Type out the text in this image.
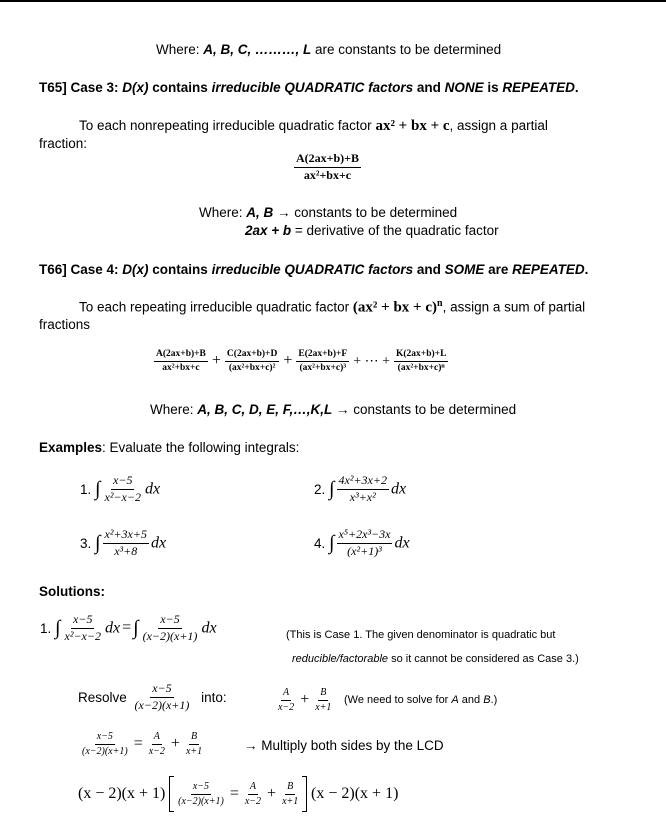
Where: A, B, C, ………, L are constants to be determined
T65] Case 3: D(x) contains irreducible QUADRATIC factors and NONE is REPEATED.
To each nonrepeating irreducible quadratic factor ax² + bx + c, assign a partial
fraction:
$\frac{A(2ax+b)+B}{\text{ax²+bx+c}}$
Where: A, B → constants to be determined
2ax + b = derivative of the quadratic factor
T66] Case 4: D(x) contains irreducible QUADRATIC factors and SOME are REPEATED.
To each repeating irreducible quadratic factor (ax² + bx + c)$^n$, assign a sum of partial
fractions
$\frac{A(2ax+b)+B}{\text{ax²+bx+c}} + \frac{C(2ax+b)+D}{\text{(ax²+bx+c)²}} + \frac{E(2ax+b)+F}{\text{(ax²+bx+c)³}}$ + ⋯ + $\frac{K(2ax+b)+L}{\text{(ax²+bx+c)ⁿ}}$
Where: A, B, C, D, E, F,…,K,L → constants to be determined
Examples: Evaluate the following integrals:
1. ∫ $\frac{x-5}{\text{x²−x−2}}$ dx	2. ∫ $\frac{\text{4x²+3x+2}}{\text{x³+x²}}$ dx
3. ∫ $\frac{\text{x²+3x+5}}{\text{x³+8}}$ dx	4. ∫ $\frac{\text{x⁵+2x³−3x}}{\text{(x²+1)³}}$ dx
Solutions:
1. ∫ $\frac{x-5}{\text{x²−x−2}}$ dx = ∫ $\frac{x-5}{(x-2)(x+1)}$ dx	(This is Case 1. The given denominator is quadratic but
reducible/factorable so it cannot be considered as Case 3.)
Resolve $\frac{x-5}{(x-2)(x+1)}$ into:	$\frac{A}{x-2} + \frac{B}{x+1} (We$ need to solve for A and B.)
$\frac{x-5}{(x-2)(x+1)} = \frac{A}{x-2} + \frac{B}{x+1}$	→ Multiply both sides by the LCD
$(x - 2)(x + 1) \frac{x-5}{(x-2)(x+1)} = \frac{A}{x-2} + \frac{B}{x+1} (x - 2)(x + 1)$
